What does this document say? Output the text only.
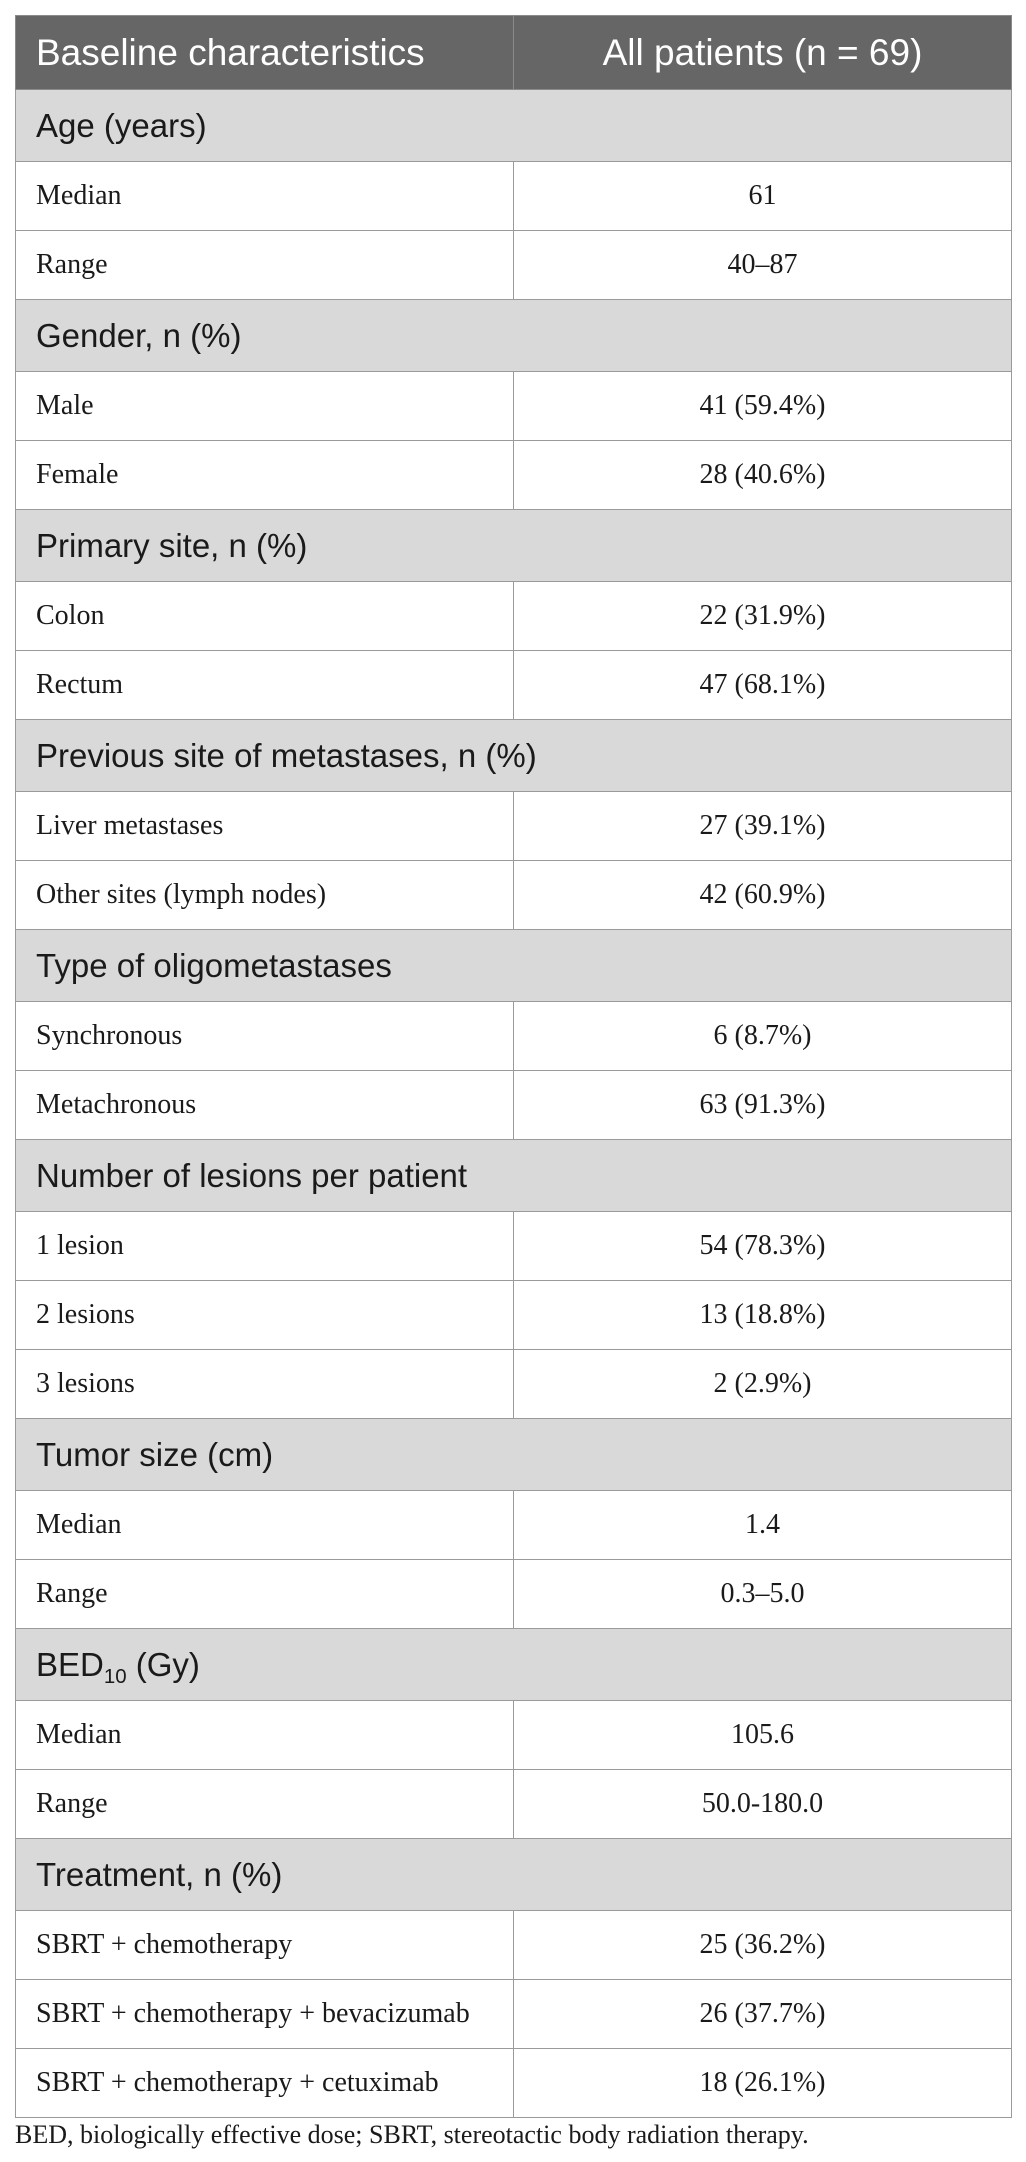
Baseline characteristics	All patients (n = 69)
Age (years)	
Median	61
Range	40–87
Gender, n (%)	
Male	41 (59.4%)
Female	28 (40.6%)
Primary site, n (%)	
Colon	22 (31.9%)
Rectum	47 (68.1%)
Previous site of metastases, n (%)	
Liver metastases	27 (39.1%)
Other sites (lymph nodes)	42 (60.9%)
Type of oligometastases	
Synchronous	6 (8.7%)
Metachronous	63 (91.3%)
Number of lesions per patient	
1 lesion	54 (78.3%)
2 lesions	13 (18.8%)
3 lesions	2 (2.9%)
Tumor size (cm)	
Median	1.4
Range	0.3–5.0
$BED_{10}$ (Gy)	
Median	105.6
Range	50.0-180.0
Treatment, n (%)	
SBRT + chemotherapy	25 (36.2%)
SBRT + chemotherapy + bevacizumab	26 (37.7%)
SBRT + chemotherapy + cetuximab	18 (26.1%)

BED, biologically effective dose; SBRT, stereotactic body radiation therapy.
